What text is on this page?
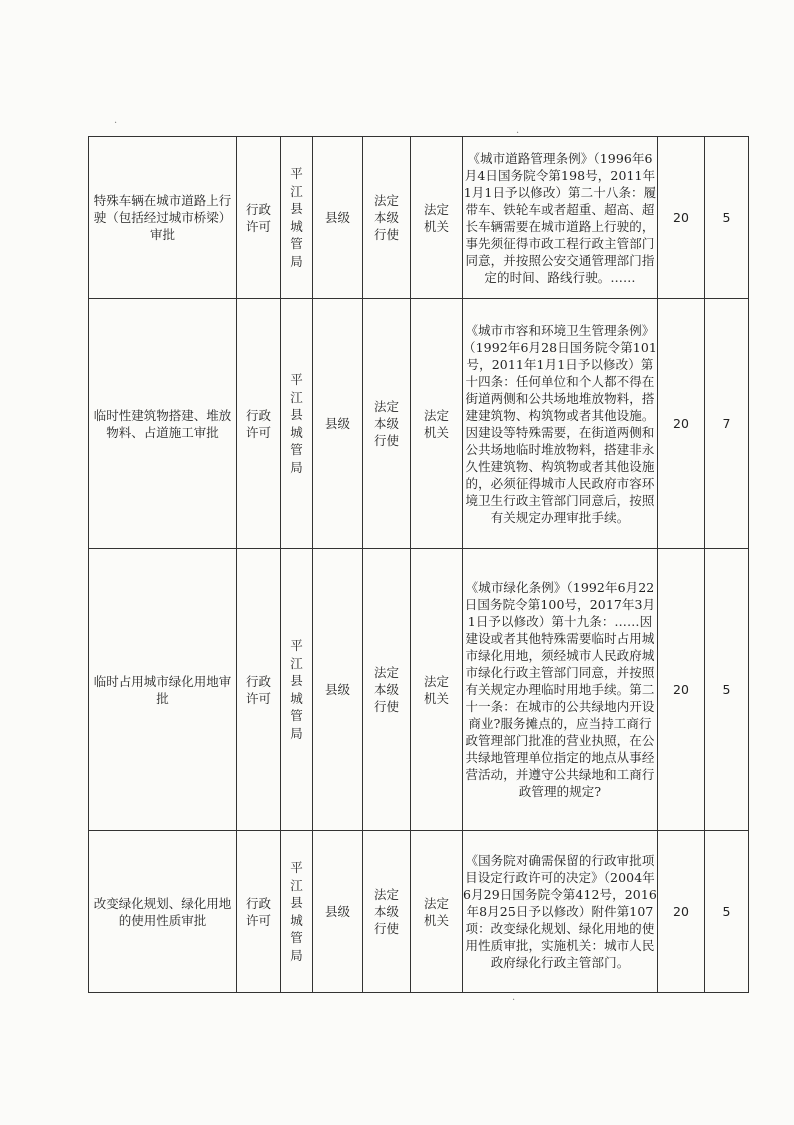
特殊车辆在城市道路上行驶（包括经过城市桥梁）审批	行政许可	平江县城管局	县级	法定本级行使	法定机关	《城市道路管理条例》（1996年6月4日国务院令第198号，2011年1月1日予以修改）第二十八条：履带车、铁轮车或者超重、超高、超长车辆需要在城市道路上行驶的，事先须征得市政工程行政主管部门同意，并按照公安交通管理部门指定的时间、路线行驶。……	20	5
临时性建筑物搭建、堆放物料、占道施工审批	行政许可	平江县城管局	县级	法定本级行使	法定机关	《城市市容和环境卫生管理条例》（1992年6月28日国务院令第101号，2011年1月1日予以修改）第十四条：任何单位和个人都不得在街道两侧和公共场地堆放物料，搭建建筑物、构筑物或者其他设施。因建设等特殊需要，在街道两侧和公共场地临时堆放物料，搭建非永久性建筑物、构筑物或者其他设施的，必须征得城市人民政府市容环境卫生行政主管部门同意后，按照有关规定办理审批手续。	20	7
临时占用城市绿化用地审批	行政许可	平江县城管局	县级	法定本级行使	法定机关	《城市绿化条例》（1992年6月22日国务院令第100号，2017年3月1日予以修改）第十九条：……因建设或者其他特殊需要临时占用城市绿化用地，须经城市人民政府城市绿化行政主管部门同意，并按照有关规定办理临时用地手续。第二十一条：在城市的公共绿地内开设商业?服务摊点的，应当持工商行政管理部门批准的营业执照，在公共绿地管理单位指定的地点从事经营活动，并遵守公共绿地和工商行政管理的规定?	20	5
改变绿化规划、绿化用地的使用性质审批	行政许可	平江县城管局	县级	法定本级行使	法定机关	《国务院对确需保留的行政审批项目设定行政许可的决定》（2004年6月29日国务院令第412号，2016年8月25日予以修改）附件第107项：改变绿化规划、绿化用地的使用性质审批，实施机关：城市人民政府绿化行政主管部门。	20	5
·
·
·
